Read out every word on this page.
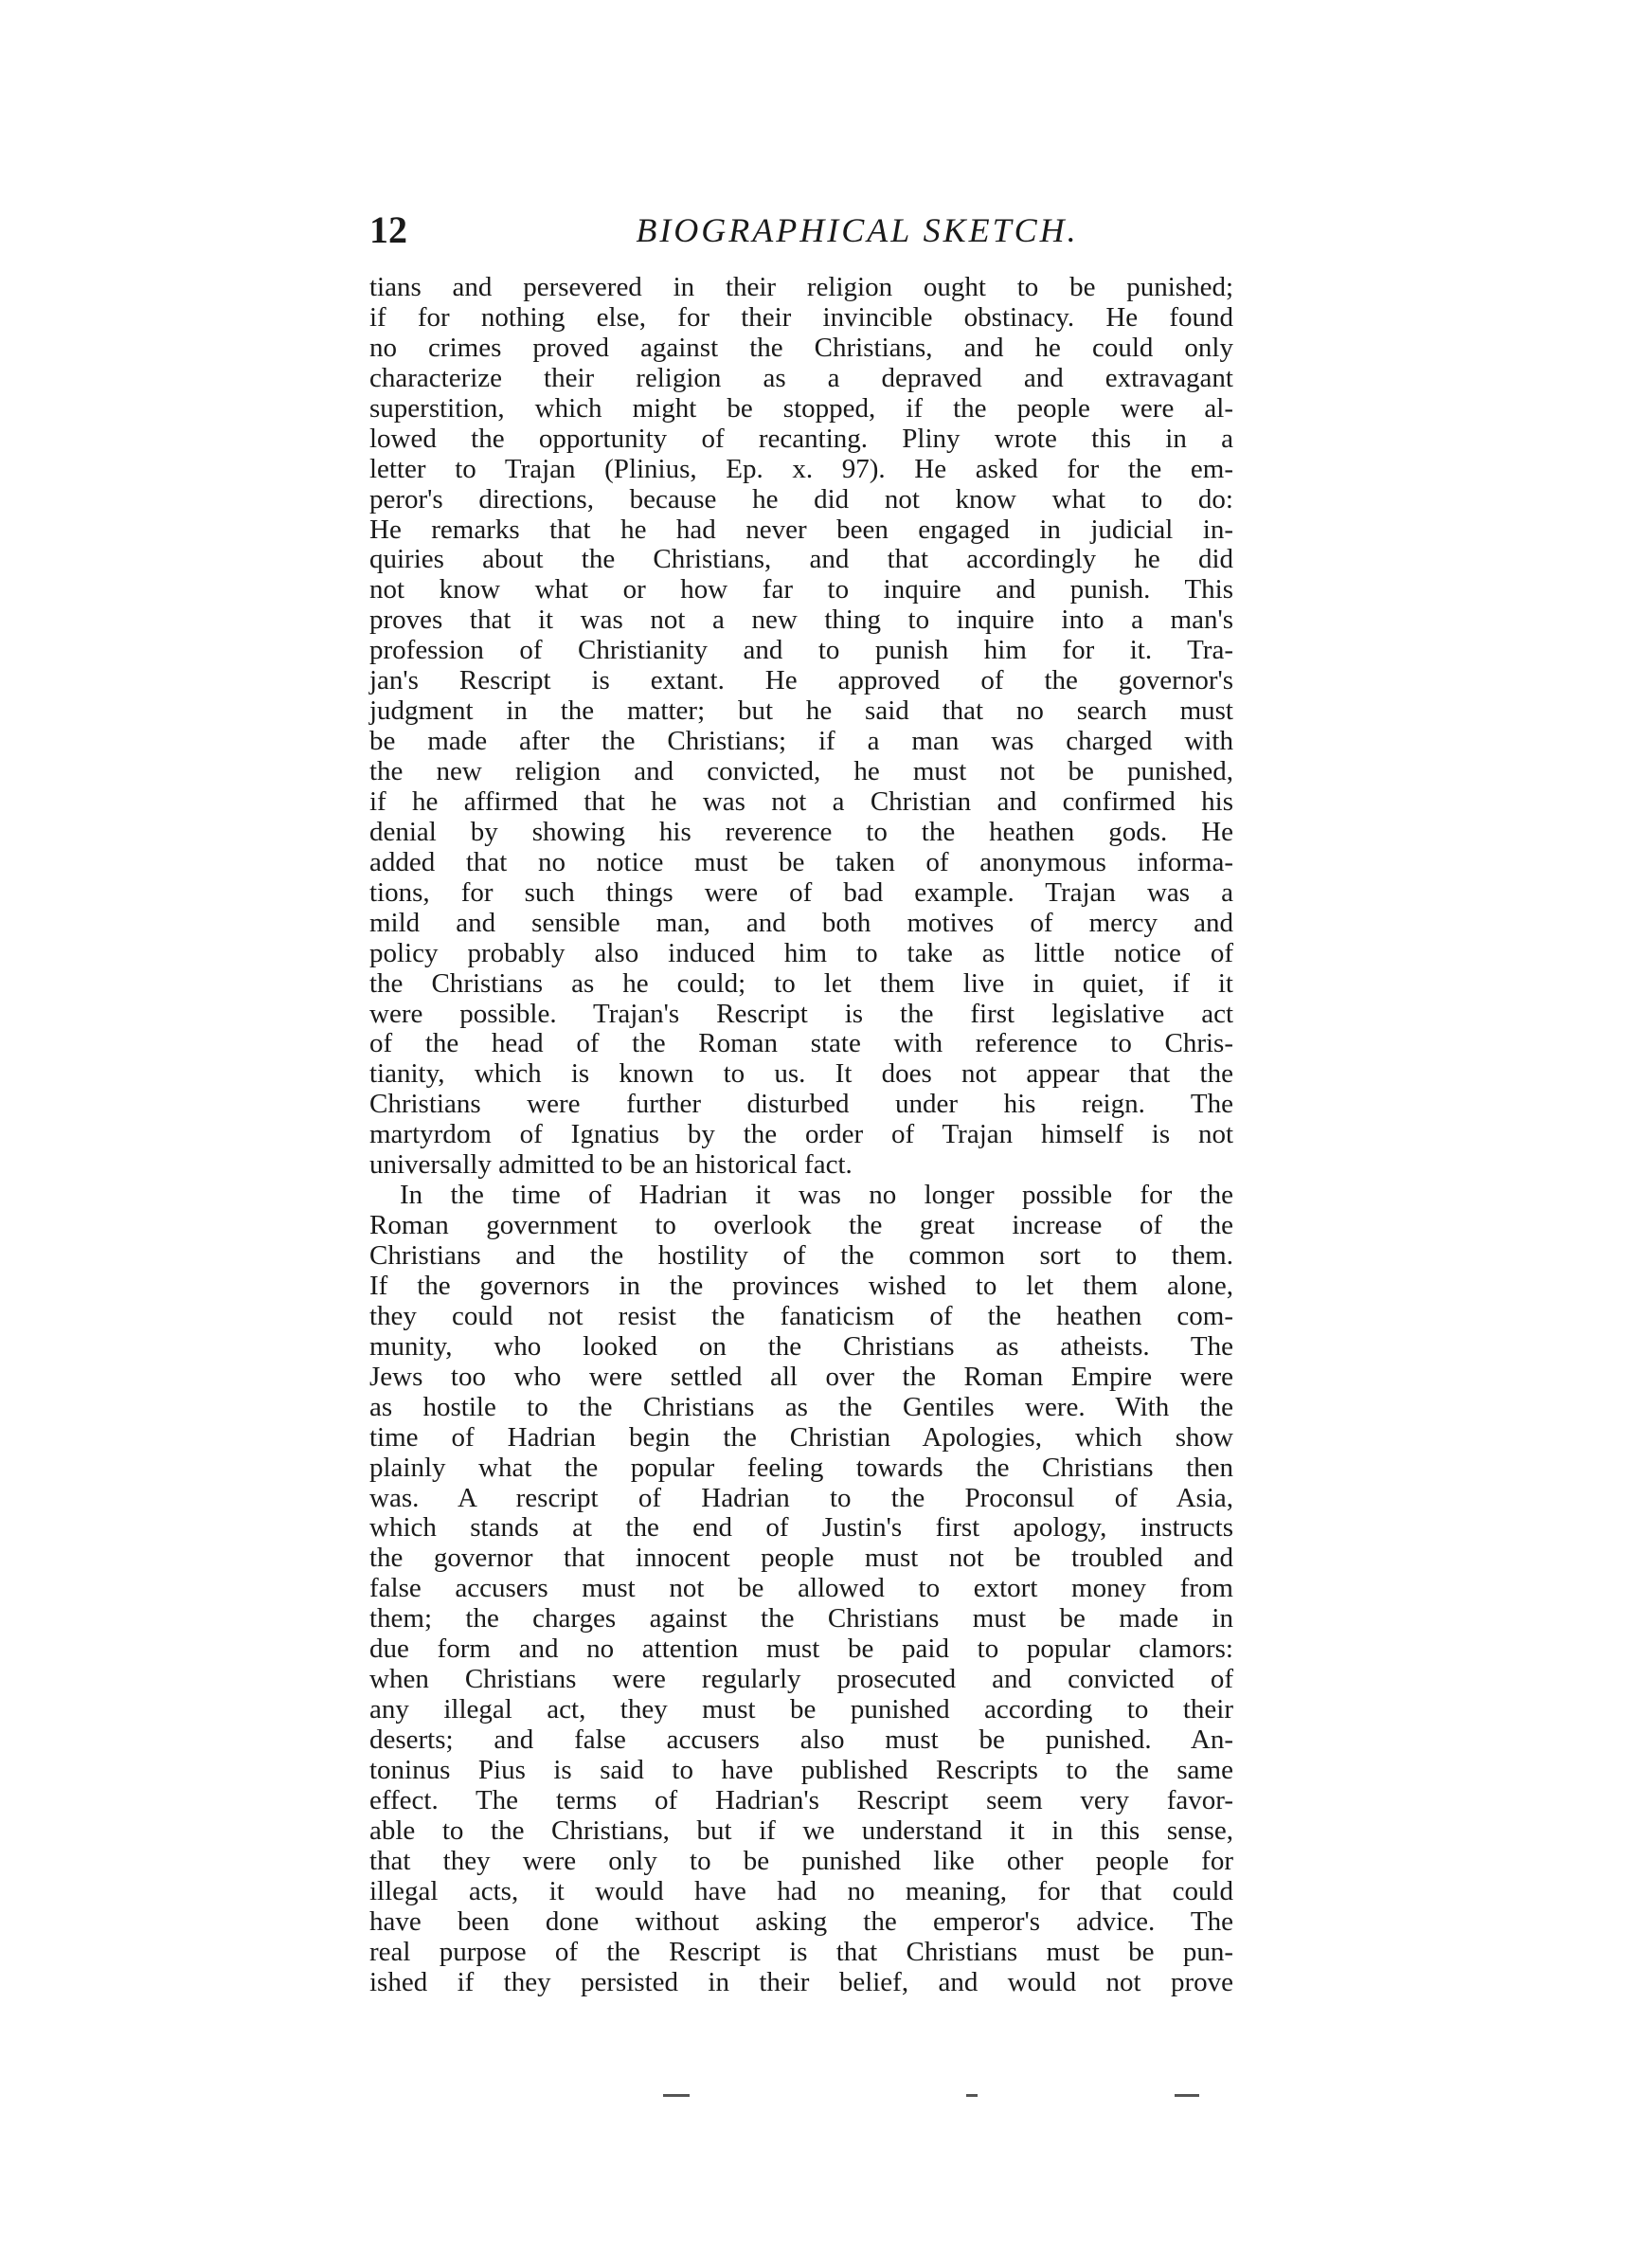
12	BIOGRAPHICAL SKETCH.
tians and persevered in their religion ought to be punished;
if for nothing else, for their invincible obstinacy. He found
no crimes proved against the Christians, and he could only
characterize their religion as a depraved and extravagant
superstition, which might be stopped, if the people were al-
lowed the opportunity of recanting. Pliny wrote this in a
letter to Trajan (Plinius, Ep. x. 97). He asked for the em-
peror's directions, because he did not know what to do:
He remarks that he had never been engaged in judicial in-
quiries about the Christians, and that accordingly he did
not know what or how far to inquire and punish. This
proves that it was not a new thing to inquire into a man's
profession of Christianity and to punish him for it. Tra-
jan's Rescript is extant. He approved of the governor's
judgment in the matter; but he said that no search must
be made after the Christians; if a man was charged with
the new religion and convicted, he must not be punished,
if he affirmed that he was not a Christian and confirmed his
denial by showing his reverence to the heathen gods. He
added that no notice must be taken of anonymous informa-
tions, for such things were of bad example. Trajan was a
mild and sensible man, and both motives of mercy and
policy probably also induced him to take as little notice of
the Christians as he could; to let them live in quiet, if it
were possible. Trajan's Rescript is the first legislative act
of the head of the Roman state with reference to Chris-
tianity, which is known to us. It does not appear that the
Christians were further disturbed under his reign. The
martyrdom of Ignatius by the order of Trajan himself is not
universally admitted to be an historical fact.
In the time of Hadrian it was no longer possible for the
Roman government to overlook the great increase of the
Christians and the hostility of the common sort to them.
If the governors in the provinces wished to let them alone,
they could not resist the fanaticism of the heathen com-
munity, who looked on the Christians as atheists. The
Jews too who were settled all over the Roman Empire were
as hostile to the Christians as the Gentiles were. With the
time of Hadrian begin the Christian Apologies, which show
plainly what the popular feeling towards the Christians then
was. A rescript of Hadrian to the Proconsul of Asia,
which stands at the end of Justin's first apology, instructs
the governor that innocent people must not be troubled and
false accusers must not be allowed to extort money from
them; the charges against the Christians must be made in
due form and no attention must be paid to popular clamors:
when Christians were regularly prosecuted and convicted of
any illegal act, they must be punished according to their
deserts; and false accusers also must be punished. An-
toninus Pius is said to have published Rescripts to the same
effect. The terms of Hadrian's Rescript seem very favor-
able to the Christians, but if we understand it in this sense,
that they were only to be punished like other people for
illegal acts, it would have had no meaning, for that could
have been done without asking the emperor's advice. The
real purpose of the Rescript is that Christians must be pun-
ished if they persisted in their belief, and would not prove
